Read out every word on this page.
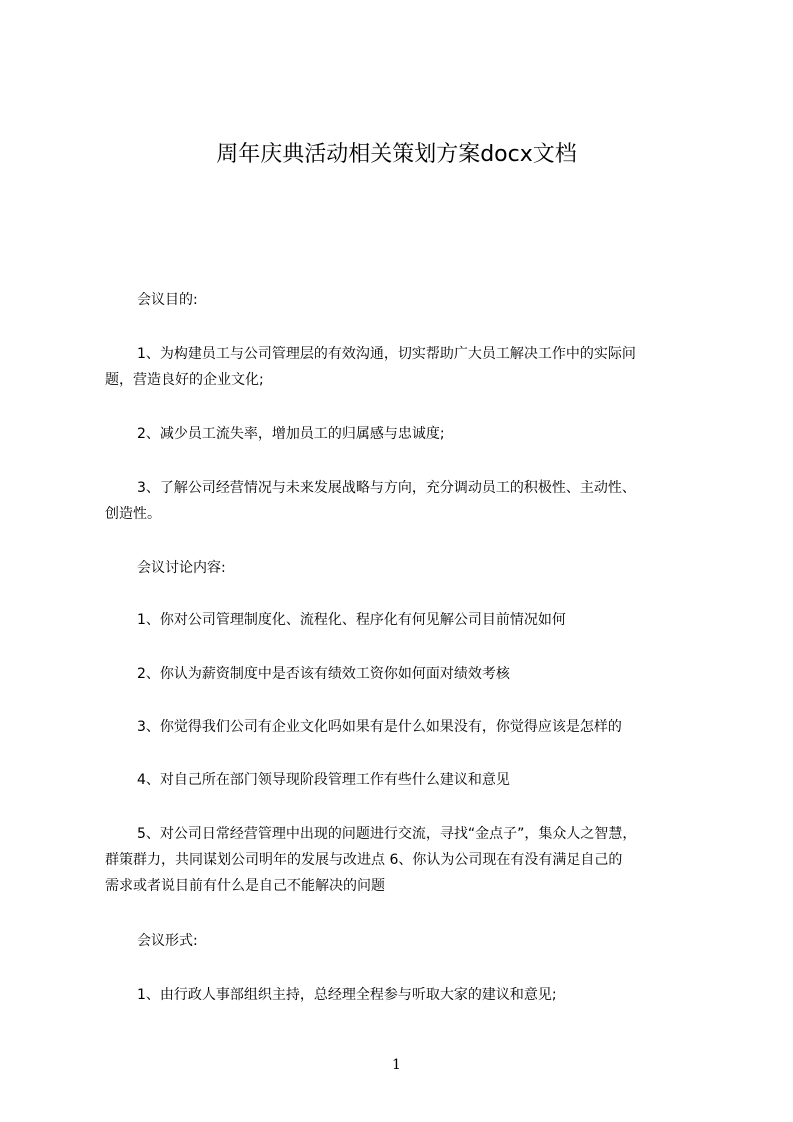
周年庆典活动相关策划方案docx文档
会议目的:
1、为构建员工与公司管理层的有效沟通，切实帮助广大员工解决工作中的实际问
题，营造良好的企业文化;
2、减少员工流失率，增加员工的归属感与忠诚度;
3、了解公司经营情况与未来发展战略与方向，充分调动员工的积极性、主动性、
创造性。
会议讨论内容:
1、你对公司管理制度化、流程化、程序化有何见解公司目前情况如何
2、你认为薪资制度中是否该有绩效工资你如何面对绩效考核
3、你觉得我们公司有企业文化吗如果有是什么如果没有，你觉得应该是怎样的
4、对自己所在部门领导现阶段管理工作有些什么建议和意见
5、对公司日常经营管理中出现的问题进行交流，寻找“金点子”，集众人之智慧，
群策群力，共同谋划公司明年的发展与改进点 6、你认为公司现在有没有满足自己的
需求或者说目前有什么是自己不能解决的问题
会议形式:
1、由行政人事部组织主持，总经理全程参与听取大家的建议和意见;
1
